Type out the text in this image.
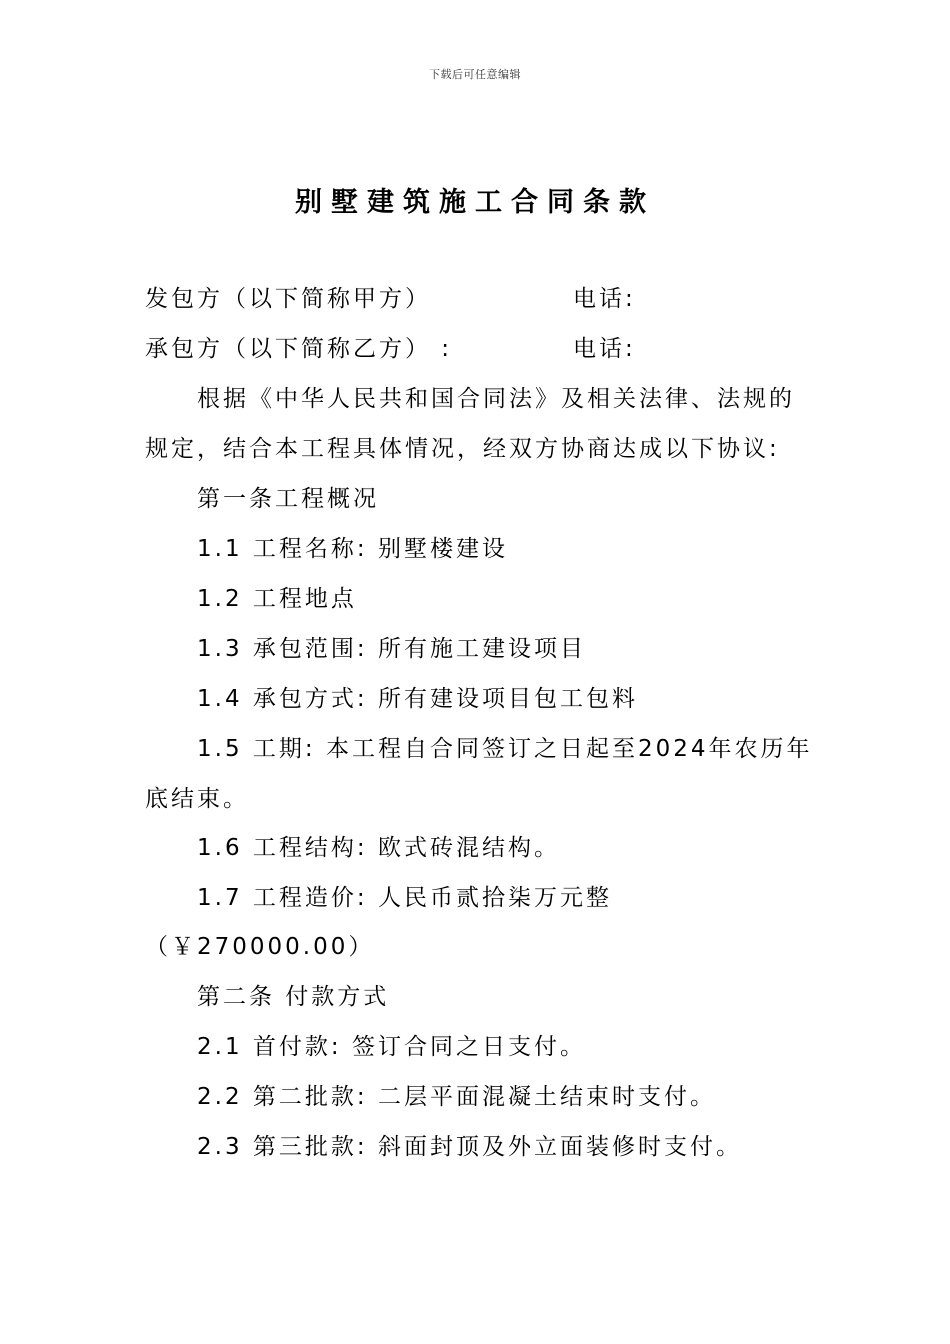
下载后可任意编辑
别墅建筑施工合同条款
发包方（以下简称甲方）	电话:
承包方（以下简称乙方） :	电话:
根据《中华人民共和国合同法》及相关法律、法规的
规定，结合本工程具体情况，经双方协商达成以下协议:
第一条工程概况
1.1 工程名称: 别墅楼建设
1.2 工程地点
1.3 承包范围: 所有施工建设项目
1.4 承包方式: 所有建设项目包工包料
1.5 工期: 本工程自合同签订之日起至2024年农历年
底结束。
1.6 工程结构: 欧式砖混结构。
1.7 工程造价: 人民币贰拾柒万元整
（￥270000.00）
第二条 付款方式
2.1 首付款: 签订合同之日支付。
2.2 第二批款: 二层平面混凝土结束时支付。
2.3 第三批款: 斜面封顶及外立面装修时支付。
